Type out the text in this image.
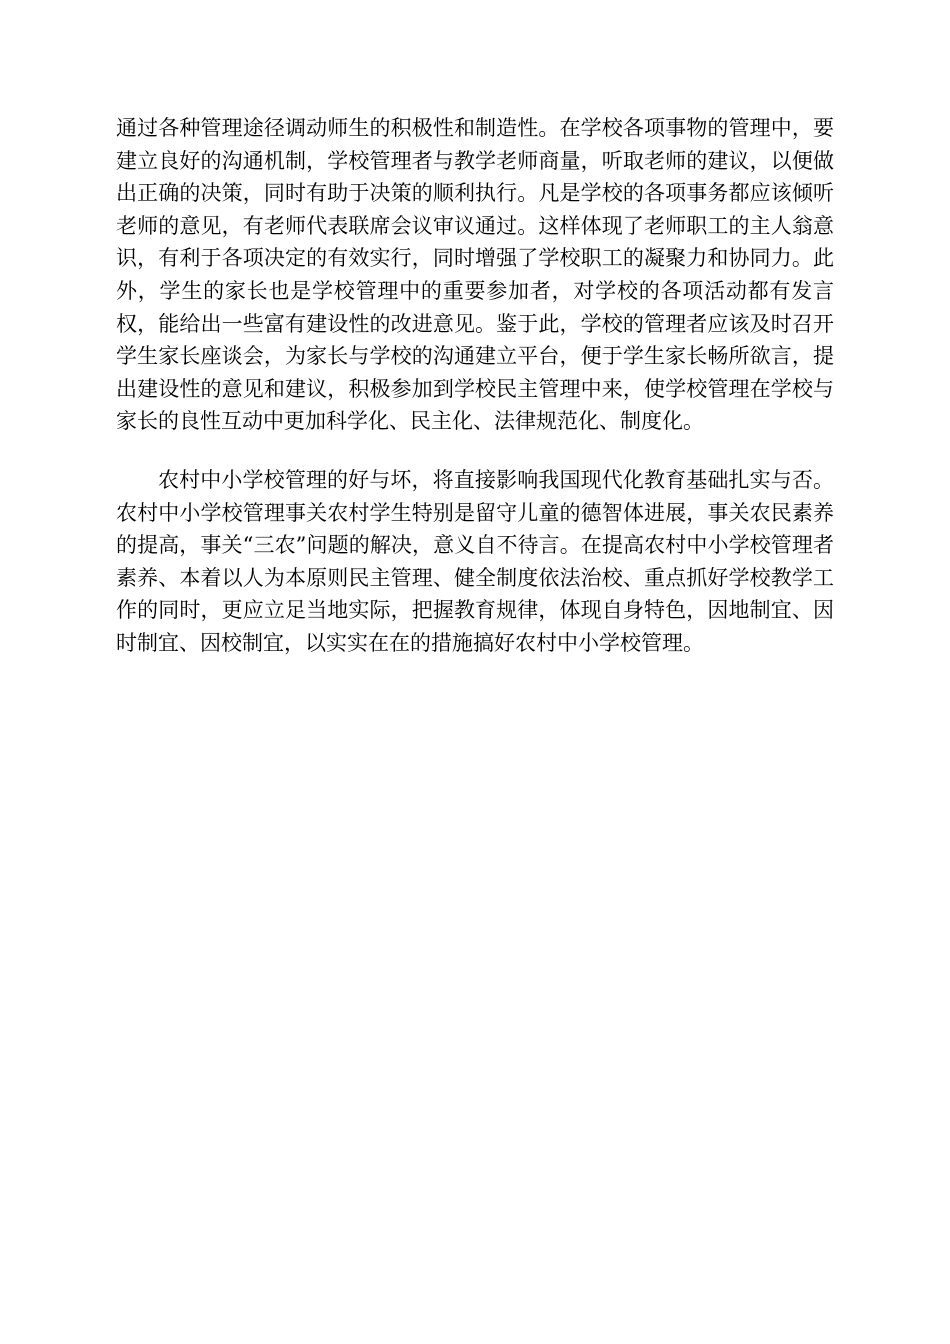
通过各种管理途径调动师生的积极性和制造性。在学校各项事物的管理中，要建立良好的沟通机制，学校管理者与教学老师商量，听取老师的建议，以便做出正确的决策，同时有助于决策的顺利执行。凡是学校的各项事务都应该倾听老师的意见，有老师代表联席会议审议通过。这样体现了老师职工的主人翁意识，有利于各项决定的有效实行，同时增强了学校职工的凝聚力和协同力。此外，学生的家长也是学校管理中的重要参加者，对学校的各项活动都有发言权，能给出一些富有建设性的改进意见。鉴于此，学校的管理者应该及时召开学生家长座谈会，为家长与学校的沟通建立平台，便于学生家长畅所欲言，提出建设性的意见和建议，积极参加到学校民主管理中来，使学校管理在学校与家长的良性互动中更加科学化、民主化、法律规范化、制度化。

农村中小学校管理的好与坏，将直接影响我国现代化教育基础扎实与否。农村中小学校管理事关农村学生特别是留守儿童的德智体进展，事关农民素养的提高，事关“三农”问题的解决，意义自不待言。在提高农村中小学校管理者素养、本着以人为本原则民主管理、健全制度依法治校、重点抓好学校教学工作的同时，更应立足当地实际，把握教育规律，体现自身特色，因地制宜、因时制宜、因校制宜，以实实在在的措施搞好农村中小学校管理。
